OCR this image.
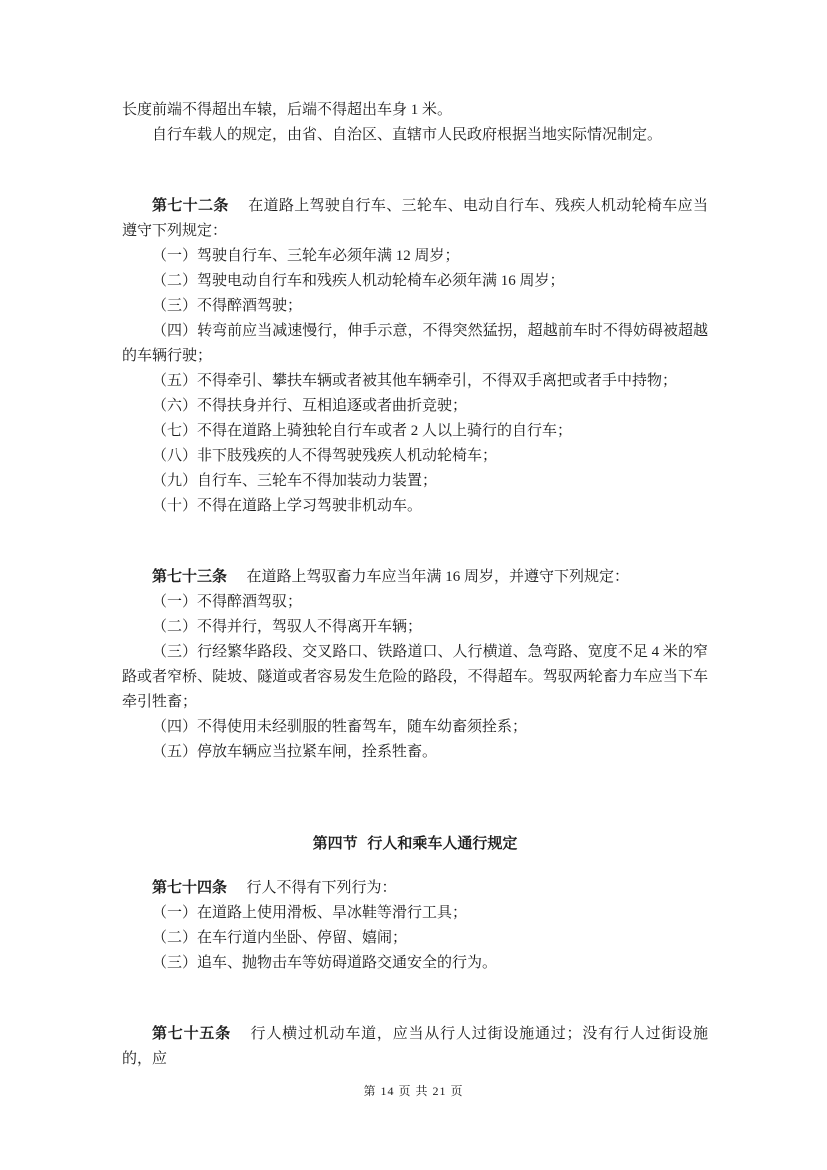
长度前端不得超出车辕，后端不得超出车身 1 米。

自行车载人的规定，由省、自治区、直辖市人民政府根据当地实际情况制定。

第七十二条 在道路上驾驶自行车、三轮车、电动自行车、残疾人机动轮椅车应当遵守下列规定：

（一）驾驶自行车、三轮车必须年满 12 周岁；

（二）驾驶电动自行车和残疾人机动轮椅车必须年满 16 周岁；

（三）不得醉酒驾驶；

（四）转弯前应当减速慢行，伸手示意，不得突然猛拐，超越前车时不得妨碍被超越的车辆行驶；

（五）不得牵引、攀扶车辆或者被其他车辆牵引，不得双手离把或者手中持物；

（六）不得扶身并行、互相追逐或者曲折竞驶；

（七）不得在道路上骑独轮自行车或者 2 人以上骑行的自行车；

（八）非下肢残疾的人不得驾驶残疾人机动轮椅车；

（九）自行车、三轮车不得加装动力装置；

（十）不得在道路上学习驾驶非机动车。

第七十三条 在道路上驾驭畜力车应当年满 16 周岁，并遵守下列规定：

（一）不得醉酒驾驭；

（二）不得并行，驾驭人不得离开车辆；

（三）行经繁华路段、交叉路口、铁路道口、人行横道、急弯路、宽度不足 4 米的窄路或者窄桥、陡坡、隧道或者容易发生危险的路段，不得超车。驾驭两轮畜力车应当下车牵引牲畜；

（四）不得使用未经驯服的牲畜驾车，随车幼畜须拴系；

（五）停放车辆应当拉紧车闸，拴系牲畜。

第四节 行人和乘车人通行规定

第七十四条 行人不得有下列行为：

（一）在道路上使用滑板、旱冰鞋等滑行工具；

（二）在车行道内坐卧、停留、嬉闹；

（三）追车、抛物击车等妨碍道路交通安全的行为。

第七十五条 行人横过机动车道，应当从行人过街设施通过；没有行人过街设施的，应

第 14 页 共 21 页
